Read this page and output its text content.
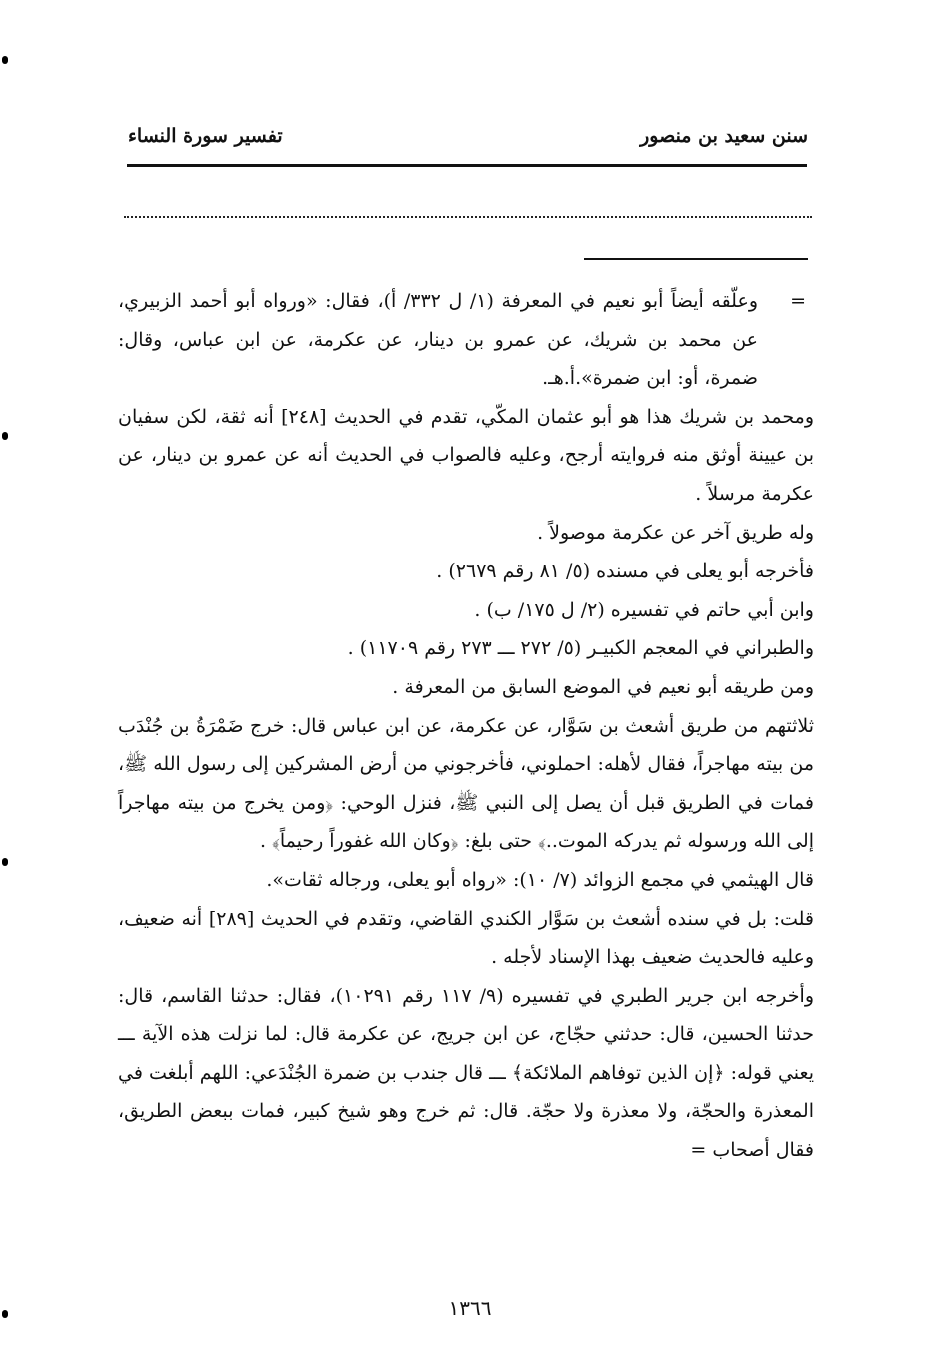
سنن سعيد بن منصور
تفسير سورة النساء

=
وعلّقه أيضاً أبو نعيم في المعرفة (١/ ل ٣٣٢/ أ)، فقال: «ورواه أبو أحمد الزبيري، عن محمد بن شريك، عن عمرو بن دينار، عن عكرمة، عن ابن عباس، وقال: ضمرة، أو: ابن ضمرة».أ.هـ.

ومحمد بن شريك هذا هو أبو عثمان المكّي، تقدم في الحديث [٢٤٨] أنه ثقة، لكن سفيان بن عيينة أوثق منه فروايته أرجح، وعليه فالصواب في الحديث أنه عن عمرو بن دينار، عن عكرمة مرسلاً .

وله طريق آخر عن عكرمة موصولاً .

فأخرجه أبو يعلى في مسنده (٥/ ٨١ رقم ٢٦٧٩) .

وابن أبي حاتم في تفسيره (٢/ ل ١٧٥/ ب) .

والطبراني في المعجم الكبيـر (٥/ ٢٧٢ ـــ ٢٧٣ رقم ١١٧٠٩) .

ومن طريقه أبو نعيم في الموضع السابق من المعرفة .

ثلاثتهم من طريق أشعث بن سَوَّار، عن عكرمة، عن ابن عباس قال: خرج ضَمْرَةُ بن جُنْدَب من بيته مهاجراً، فقال لأهله: احملوني، فأخرجوني من أرض المشركين إلى رسول الله ﷺ، فمات في الطريق قبل أن يصل إلى النبي ﷺ، فنزل الوحي: ﴿ومن يخرج من بيته مهاجراً إلى الله ورسوله ثم يدركه الموت..﴾ حتى بلغ: ﴿وكان الله غفوراً رحيماً﴾ .

قال الهيثمي في مجمع الزوائد (٧/ ١٠): «رواه أبو يعلى، ورجاله ثقات».

قلت: بل في سنده أشعث بن سَوَّار الكندي القاضي، وتقدم في الحديث [٢٨٩] أنه ضعيف، وعليه فالحديث ضعيف بهذا الإسناد لأجله .

وأخرجه ابن جرير الطبري في تفسيره (٩/ ١١٧ رقم ١٠٢٩١)، فقال: حدثنا القاسم، قال: حدثنا الحسين، قال: حدثني حجّاج، عن ابن جريج، عن عكرمة قال: لما نزلت هذه الآية ـــ يعني قوله: ﴿إن الذين توفاهم الملائكة﴾ ـــ قال جندب بن ضمرة الجُنْدَعي: اللهم أبلغت في المعذرة والحجّة، ولا معذرة ولا حجّة. قال: ثم خرج وهو شيخ كبير، فمات ببعض الطريق، فقال أصحاب =

١٣٦٦
